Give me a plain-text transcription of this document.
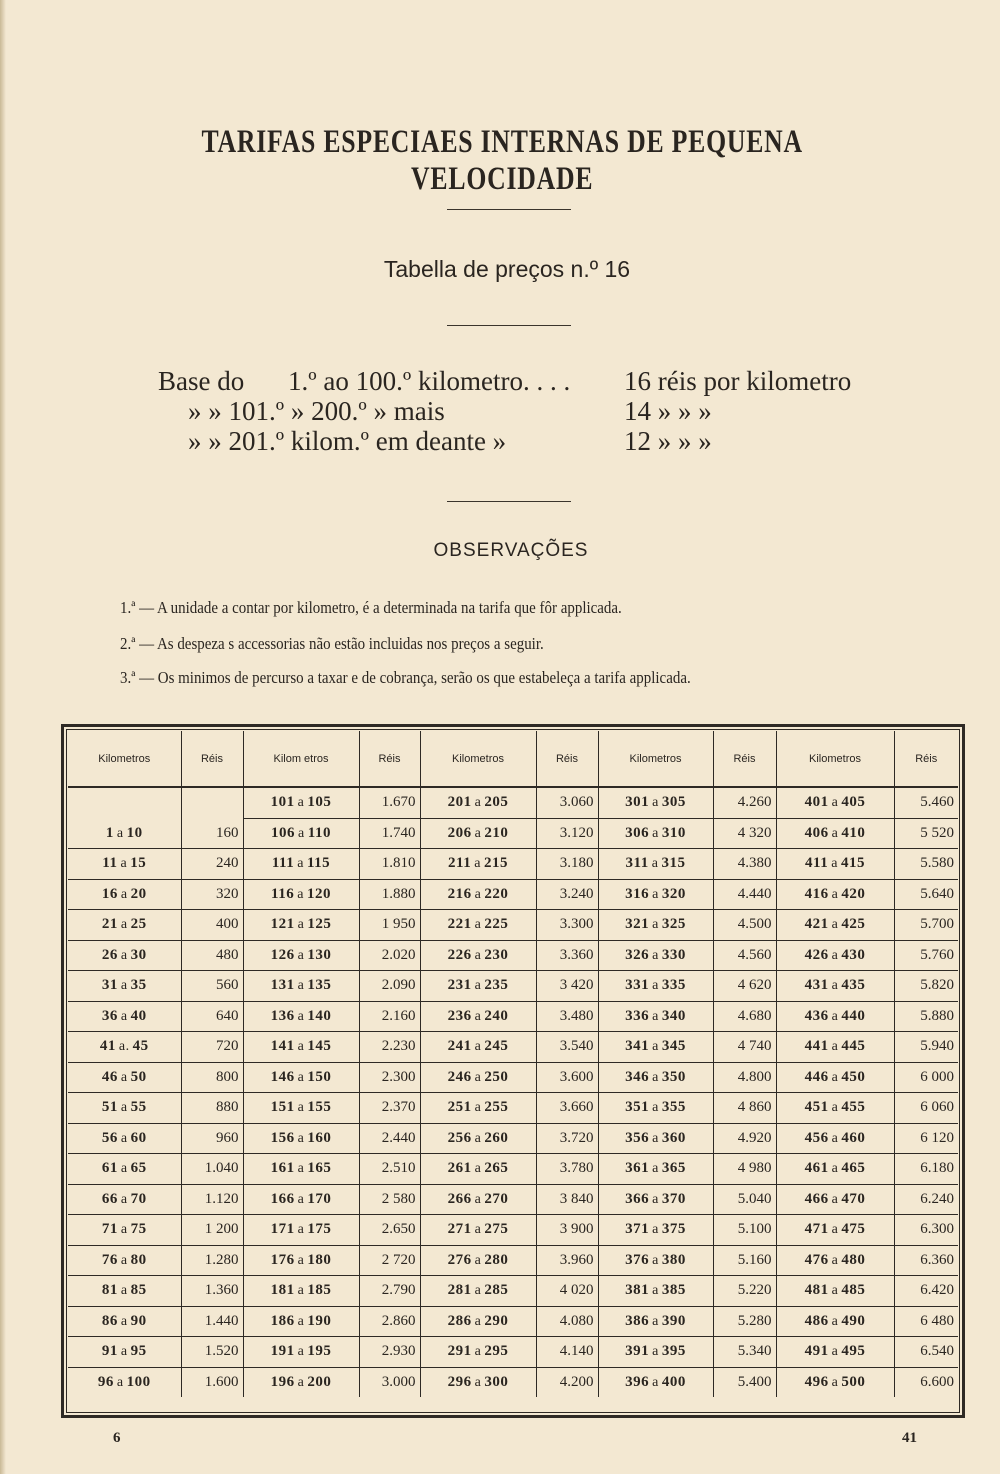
TARIFAS ESPECIAES INTERNAS DE PEQUENA VELOCIDADE
Tabella de preços n.º 16
Base do 1.º ao 100.º kilometro. . . . 16 réis por kilometro
» » 101.º » 200.º » mais	14 » » »
» » 201.º kilom.º em deante »	12 » » »
OBSERVAÇÕES
1.ª — A unidade a contar por kilometro, é a determinada na tarifa que fôr applicada.
2.ª — As despeza s accessorias não estão incluidas nos preços a seguir.
3.ª — Os minimos de percurso a taxar e de cobrança, serão os que estabeleça a tarifa applicada.
Kilometros	Réis	Kilom etros	Réis	Kilometros	Réis	Kilometros	Réis	Kilometros	Réis
		101 a 105	1.670	201 a 205	3.060	301 a 305	4.260	401 a 405	5.460
1 a 10	160	106 a 110	1.740	206 a 210	3.120	306 a 310	4 320	406 a 410	5 520
11 a 15	240	111 a 115	1.810	211 a 215	3.180	311 a 315	4.380	411 a 415	5.580
16 a 20	320	116 a 120	1.880	216 a 220	3.240	316 a 320	4.440	416 a 420	5.640
21 a 25	400	121 a 125	1 950	221 a 225	3.300	321 a 325	4.500	421 a 425	5.700
26 a 30	480	126 a 130	2.020	226 a 230	3.360	326 a 330	4.560	426 a 430	5.760
31 a 35	560	131 a 135	2.090	231 a 235	3 420	331 a 335	4 620	431 a 435	5.820
36 a 40	640	136 a 140	2.160	236 a 240	3.480	336 a 340	4.680	436 a 440	5.880
41 a. 45	720	141 a 145	2.230	241 a 245	3.540	341 a 345	4 740	441 a 445	5.940
46 a 50	800	146 a 150	2.300	246 a 250	3.600	346 a 350	4.800	446 a 450	6 000
51 a 55	880	151 a 155	2.370	251 a 255	3.660	351 a 355	4 860	451 a 455	6 060
56 a 60	960	156 a 160	2.440	256 a 260	3.720	356 a 360	4.920	456 a 460	6 120
61 a 65	1.040	161 a 165	2.510	261 a 265	3.780	361 a 365	4 980	461 a 465	6.180
66 a 70	1.120	166 a 170	2 580	266 a 270	3 840	366 a 370	5.040	466 a 470	6.240
71 a 75	1 200	171 a 175	2.650	271 a 275	3 900	371 a 375	5.100	471 a 475	6.300
76 a 80	1.280	176 a 180	2 720	276 a 280	3.960	376 a 380	5.160	476 a 480	6.360
81 a 85	1.360	181 a 185	2.790	281 a 285	4 020	381 a 385	5.220	481 a 485	6.420
86 a 90	1.440	186 a 190	2.860	286 a 290	4.080	386 a 390	5.280	486 a 490	6 480
91 a 95	1.520	191 a 195	2.930	291 a 295	4.140	391 a 395	5.340	491 a 495	6.540
96 a 100	1.600	196 a 200	3.000	296 a 300	4.200	396 a 400	5.400	496 a 500	6.600
6	41
